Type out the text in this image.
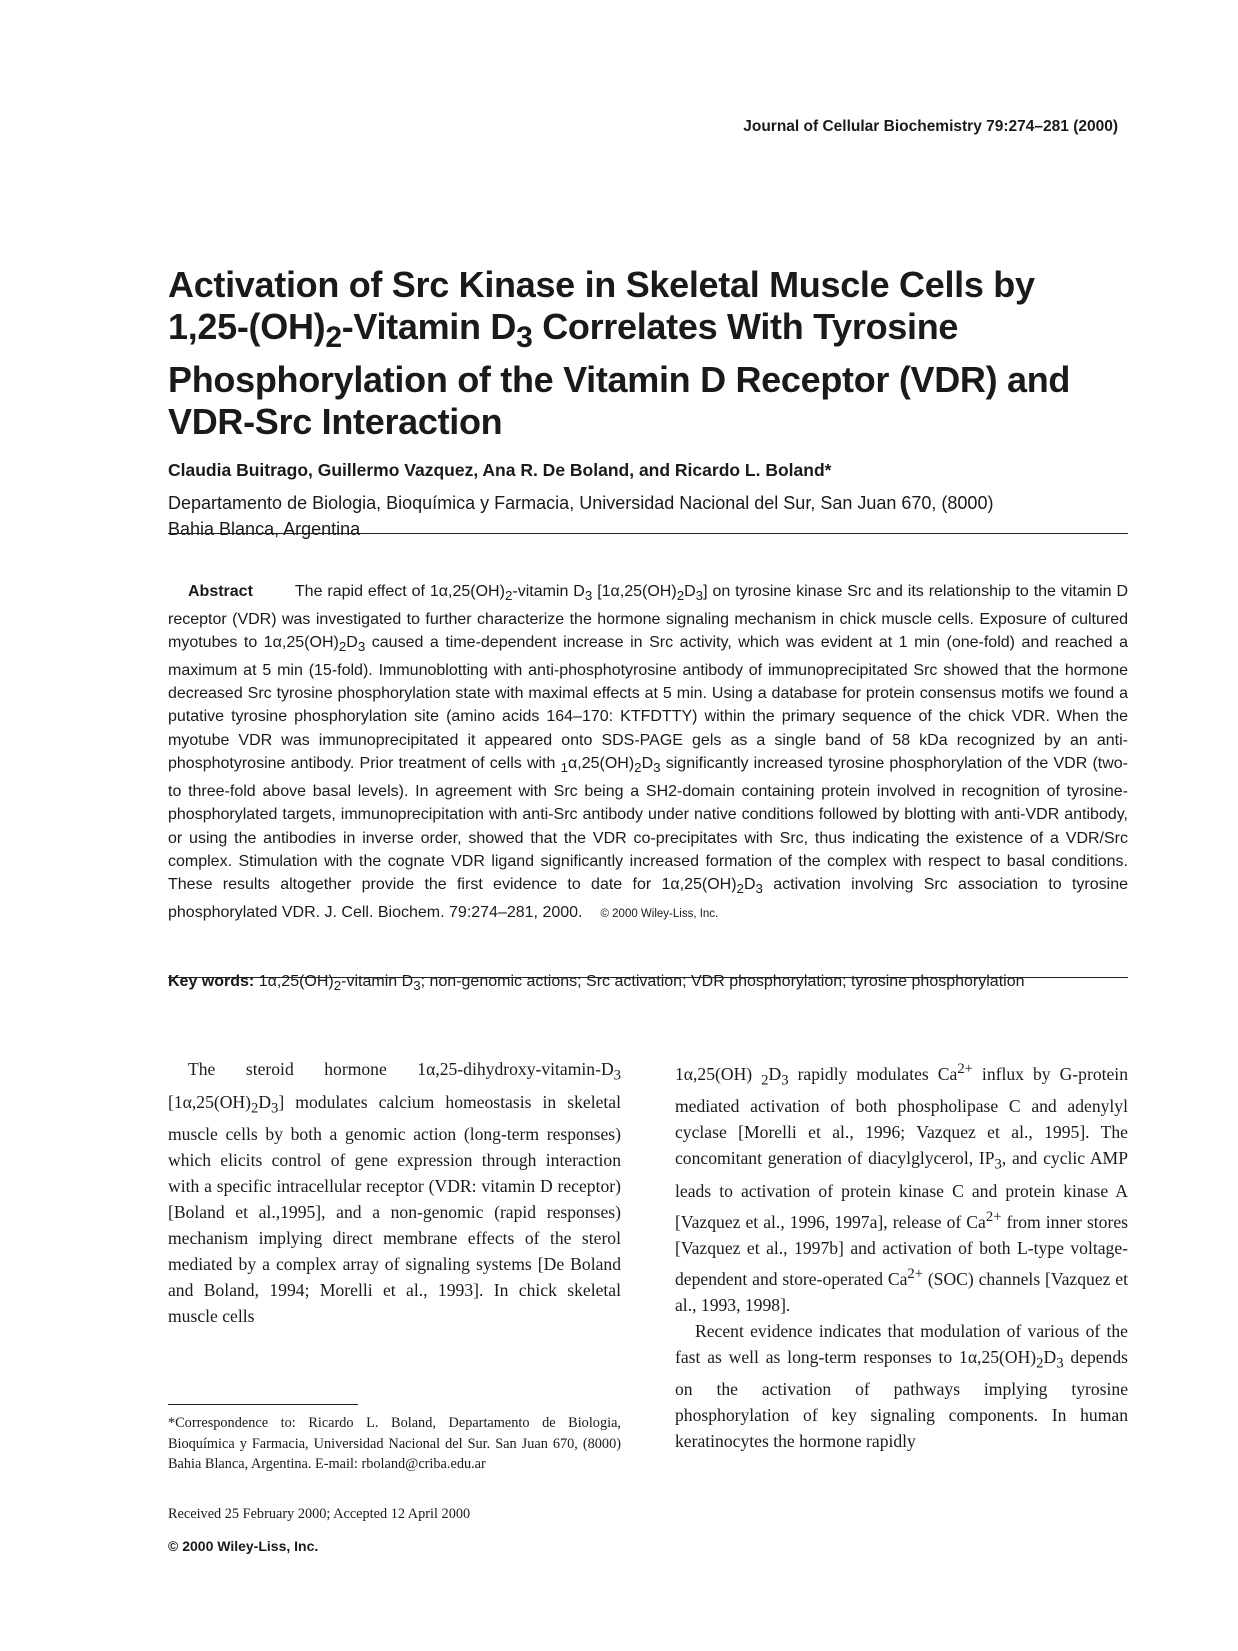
Journal of Cellular Biochemistry 79:274–281 (2000)
Activation of Src Kinase in Skeletal Muscle Cells by
$1,25-(OH)_2$-Vitamin $D_3$ Correlates With Tyrosine
Phosphorylation of the Vitamin D Receptor (VDR) and
VDR-Src Interaction
Claudia Buitrago, Guillermo Vazquez, Ana R. De Boland, and Ricardo L. Boland*
Departamento de Biologia, Bioquímica y Farmacia, Universidad Nacional del Sur, San Juan 670, (8000)
Bahia Blanca, Argentina

Abstract	The rapid effect of $1\alpha,25(OH)_2$-vitamin $D_3$ $[1\alpha,25(OH)_2D_3]$ on tyrosine kinase Src and its relationship to the vitamin D receptor (VDR) was investigated to further characterize the hormone signaling mechanism in chick muscle cells. Exposure of cultured myotubes to $1\alpha,25(OH)_2D_3$ caused a time-dependent increase in Src activity, which was evident at 1 min (one-fold) and reached a maximum at 5 min (15-fold). Immunoblotting with anti-phosphotyrosine antibody of immunoprecipitated Src showed that the hormone decreased Src tyrosine phosphorylation state with maximal effects at 5 min. Using a database for protein consensus motifs we found a putative tyrosine phosphorylation site (amino acids 164–170: KTFDTTY) within the primary sequence of the chick VDR. When the myotube VDR was immunoprecipitated it appeared onto SDS-PAGE gels as a single band of 58 kDa recognized by an anti-phosphotyrosine antibody. Prior treatment of cells with $_1\alpha,25(OH)_2D_3$ significantly increased tyrosine phosphorylation of the VDR (two- to three-fold above basal levels). In agreement with Src being a SH2-domain containing protein involved in recognition of tyrosine-phosphorylated targets, immunoprecipitation with anti-Src antibody under native conditions followed by blotting with anti-VDR antibody, or using the antibodies in inverse order, showed that the VDR co-precipitates with Src, thus indicating the existence of a VDR/Src complex. Stimulation with the cognate VDR ligand significantly increased formation of the complex with respect to basal conditions. These results altogether provide the first evidence to date for $1\alpha,25(OH)_2D_3$ activation involving Src association to tyrosine phosphorylated VDR. J. Cell. Biochem. 79:274–281, 2000. © 2000 Wiley-Liss, Inc.

Key words: $1\alpha,25(OH)_2$-vitamin $D_3$; non-genomic actions; Src activation; VDR phosphorylation; tyrosine phosphorylation

The steroid hormone $1\alpha,25-dihydroxy-vitamin-D_3$ $[1\alpha,25(OH)_2D_3]$ modulates calcium homeostasis in skeletal muscle cells by both a genomic action (long-term responses) which elicits control of gene expression through interaction with a specific intracellular receptor (VDR: vitamin D receptor) [Boland et al.,1995], and a non-genomic (rapid responses) mechanism implying direct membrane effects of the sterol mediated by a complex array of signaling systems [De Boland and Boland, 1994; Morelli et al., 1993]. In chick skeletal muscle cells

1α,25(OH) $_2D_3$ rapidly modulates $Ca^{2+}$ influx by G-protein mediated activation of both phospholipase C and adenylyl cyclase [Morelli et al., 1996; Vazquez et al., 1995]. The concomitant generation of diacylglycerol, $IP_3$, and cyclic AMP leads to activation of protein kinase C and protein kinase A [Vazquez et al., 1996, 1997a], release of $Ca^{2+}$ from inner stores [Vazquez et al., 1997b] and activation of both L-type voltage-dependent and store-operated $Ca^{2+}$ (SOC) channels [Vazquez et al., 1993, 1998].

Recent evidence indicates that modulation of various of the fast as well as long-term responses to $1\alpha,25(OH)_2D_3$ depends on the activation of pathways implying tyrosine phosphorylation of key signaling components. In human keratinocytes the hormone rapidly

*Correspondence to: Ricardo L. Boland, Departamento de Biologia, Bioquímica y Farmacia, Universidad Nacional del Sur. San Juan 670, (8000) Bahia Blanca, Argentina. E-mail: rboland@criba.edu.ar

Received 25 February 2000; Accepted 12 April 2000
© 2000 Wiley-Liss, Inc.
